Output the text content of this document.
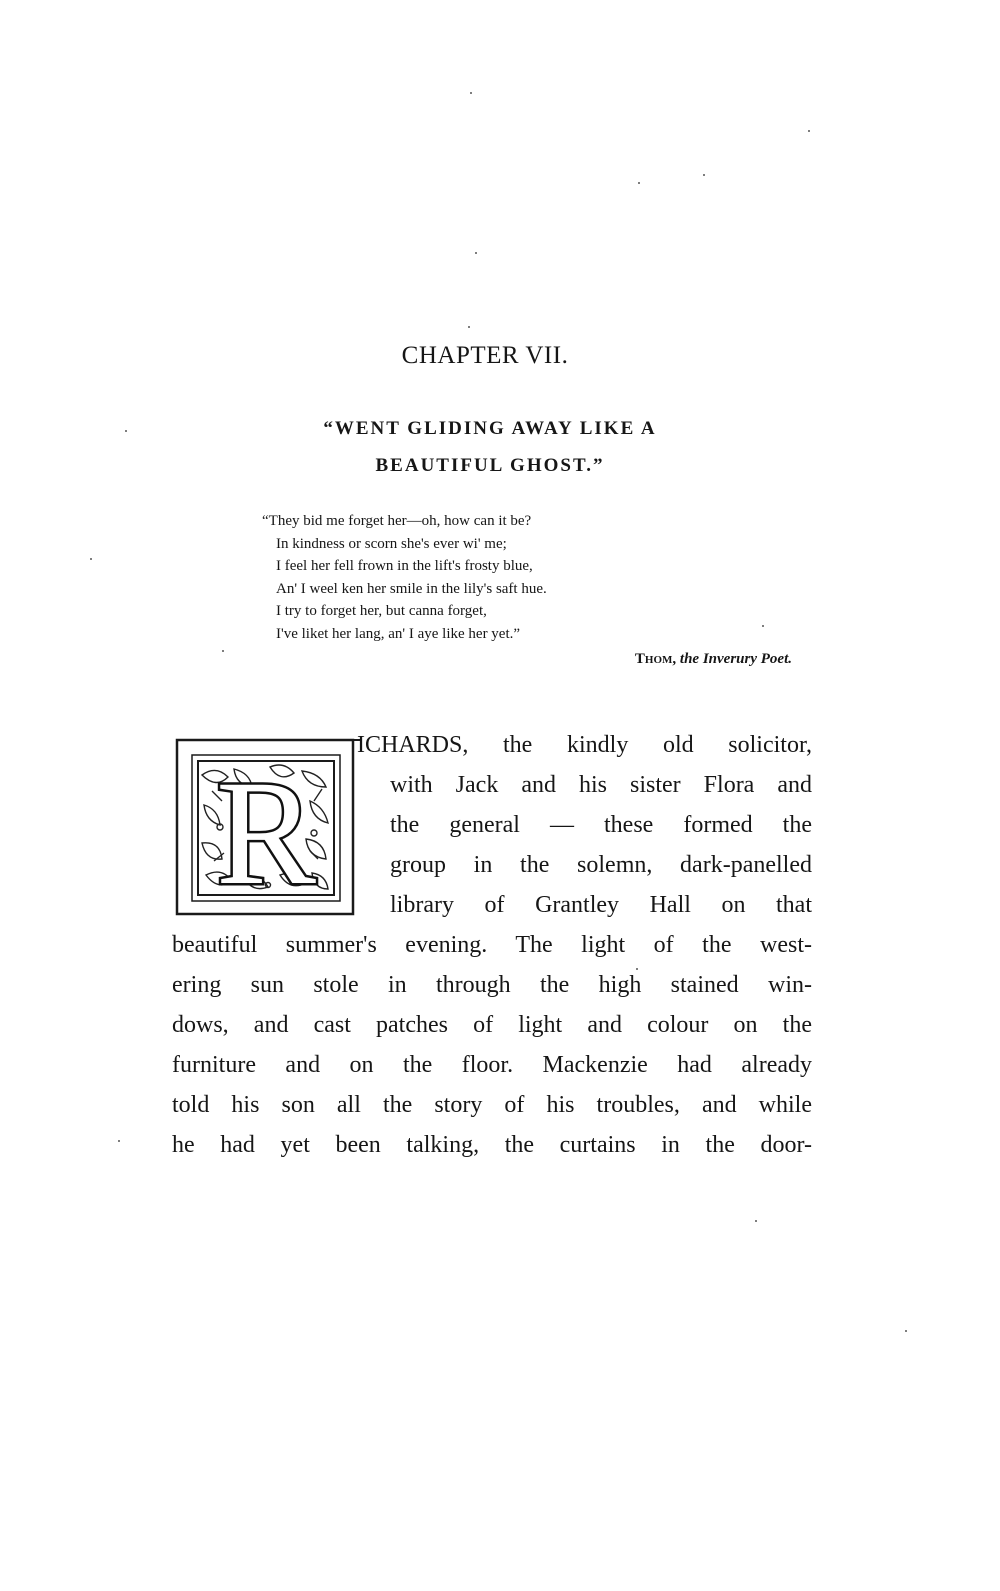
CHAPTER VII.
“WENT GLIDING AWAY LIKE A
BEAUTIFUL GHOST.”
“They bid me forget her—oh, how can it be?
In kindness or scorn she's ever wi' me;
I feel her fell frown in the lift's frosty blue,
An' I weel ken her smile in the lily's saft hue.
I try to forget her, but canna forget,
I've liket her lang, an' I aye like her yet.”
Thom, the Inverury Poet.
R
ICHARDS, the kindly old solicitor,
with Jack and his sister Flora and
the general — these formed the
group in the solemn, dark-panelled
library of Grantley Hall on that
beautiful summer's evening. The light of the west-
ering sun stole in through the high stained win-
dows, and cast patches of light and colour on the
furniture and on the floor. Mackenzie had already
told his son all the story of his troubles, and while
he had yet been talking, the curtains in the door-
